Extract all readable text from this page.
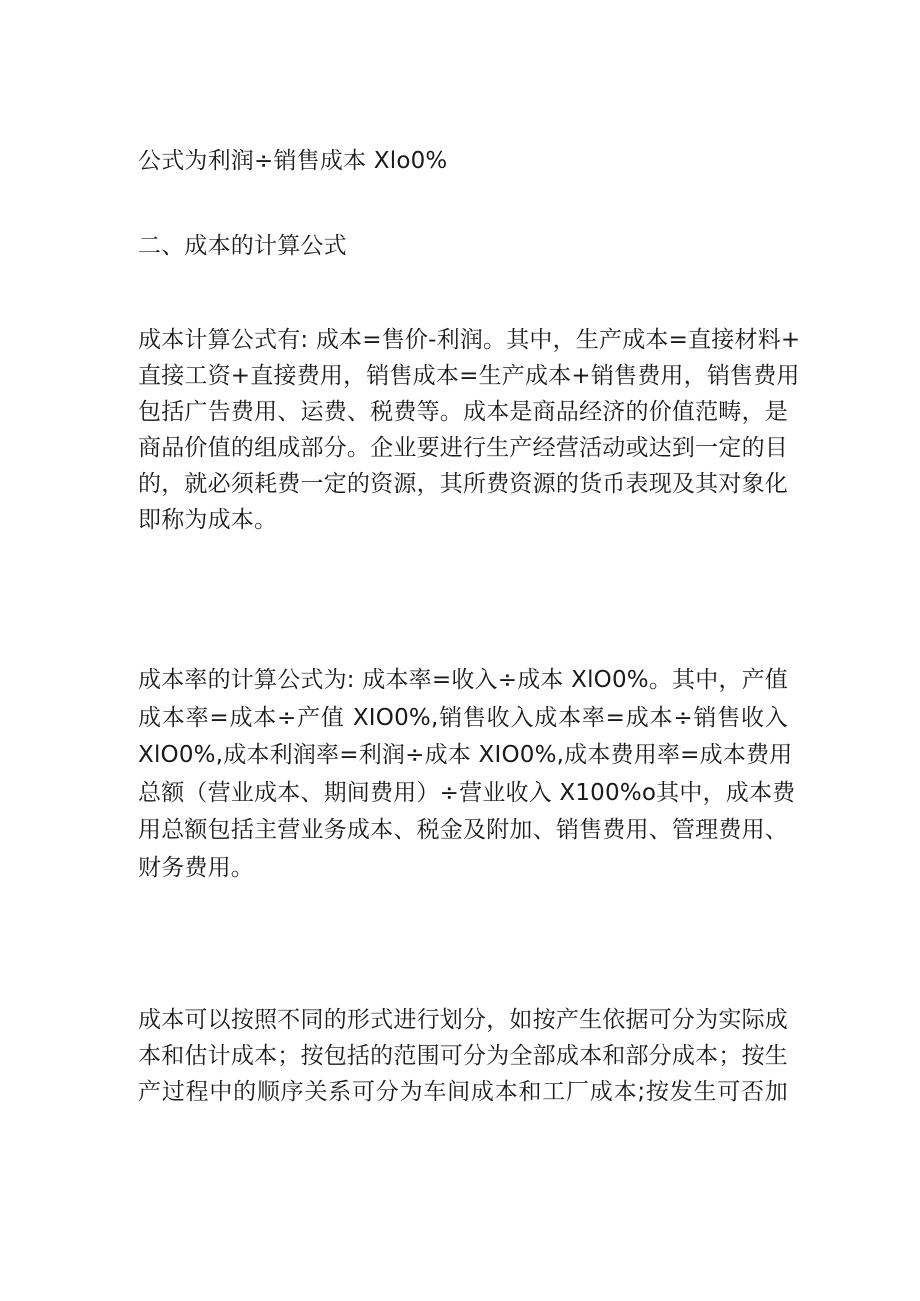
公式为利润÷销售成本 Xlo0%

二、成本的计算公式

成本计算公式有: 成本=售价-利润。其中，生产成本=直接材料+
直接工资+直接费用，销售成本=生产成本+销售费用，销售费用
包括广告费用、运费、税费等。成本是商品经济的价值范畴，是
商品价值的组成部分。企业要进行生产经营活动或达到一定的目
的，就必须耗费一定的资源，其所费资源的货币表现及其对象化
即称为成本。

成本率的计算公式为: 成本率=收入÷成本 XlO0%。其中，产值
成本率=成本÷产值 XIO0%,销售收入成本率=成本÷销售收入
XlO0%,成本利润率=利润÷成本 XIO0%,成本费用率=成本费用
总额（营业成本、期间费用）÷营业收入 X100%o其中，成本费
用总额包括主营业务成本、税金及附加、销售费用、管理费用、
财务费用。

成本可以按照不同的形式进行划分，如按产生依据可分为实际成
本和估计成本；按包括的范围可分为全部成本和部分成本；按生
产过程中的顺序关系可分为车间成本和工厂成本;按发生可否加
